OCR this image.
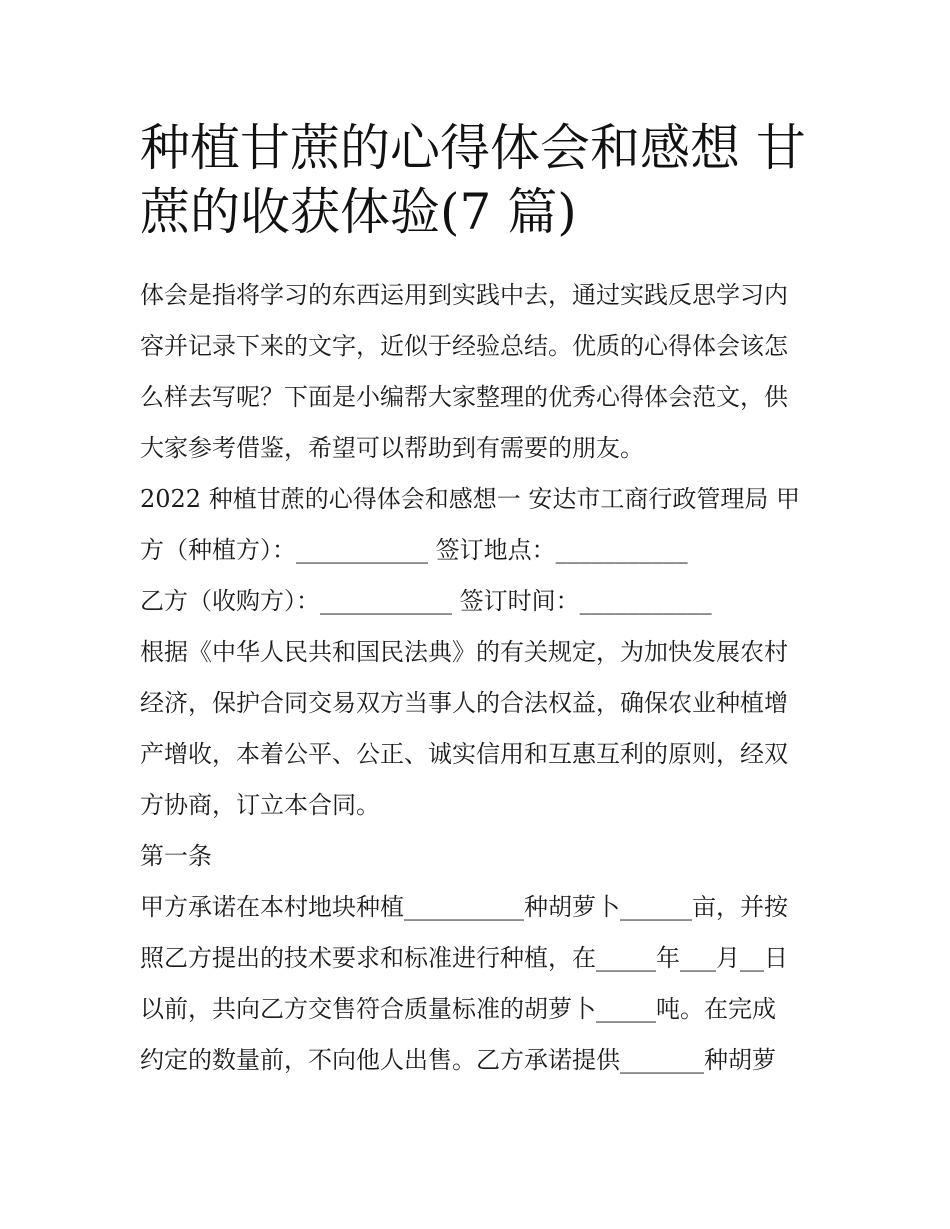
种植甘蔗的心得体会和感想 甘
蔗的收获体验(7 篇)

体会是指将学习的东西运用到实践中去，通过实践反思学习内
容并记录下来的文字，近似于经验总结。优质的心得体会该怎
么样去写呢？下面是小编帮大家整理的优秀心得体会范文，供
大家参考借鉴，希望可以帮助到有需要的朋友。

2022 种植甘蔗的心得体会和感想一 安达市工商行政管理局 甲
方（种植方）：___________ 签订地点：___________

乙方（收购方）：___________ 签订时间：___________

根据《中华人民共和国民法典》的有关规定，为加快发展农村
经济，保护合同交易双方当事人的合法权益，确保农业种植增
产增收，本着公平、公正、诚实信用和互惠互利的原则，经双
方协商，订立本合同。

第一条

甲方承诺在本村地块种植__________种胡萝卜______亩，并按
照乙方提出的技术要求和标准进行种植，在_____年___月__日
以前，共向乙方交售符合质量标准的胡萝卜_____吨。在完成
约定的数量前，不向他人出售。乙方承诺提供_______种胡萝
